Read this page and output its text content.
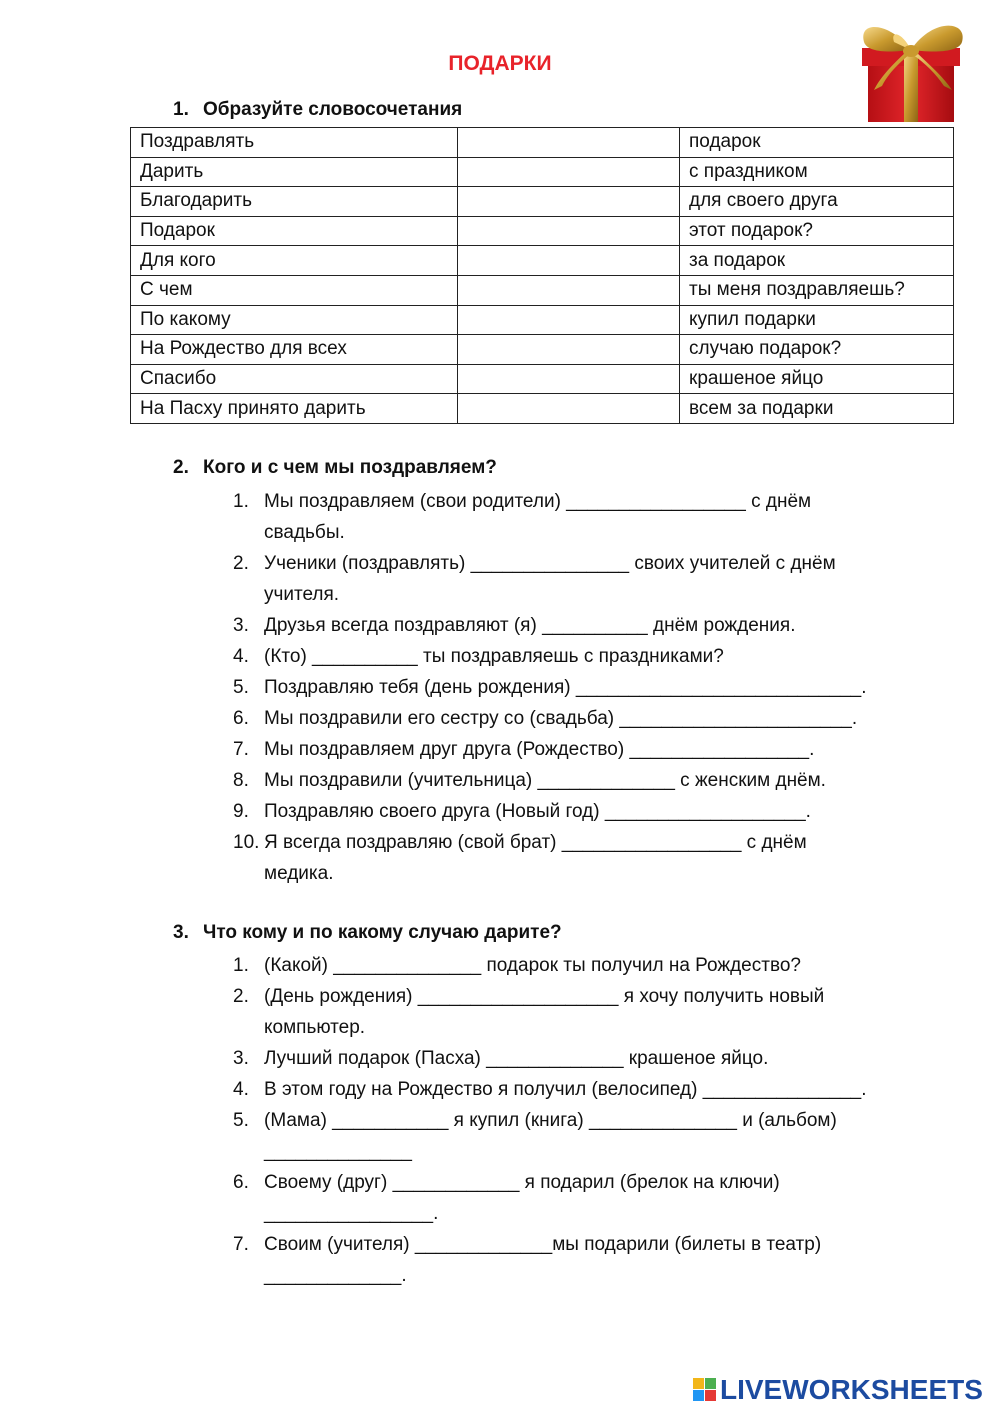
ПОДАРКИ
1. Образуйте словосочетания
Поздравлять		подарок
Дарить		с праздником
Благодарить		для своего друга
Подарок		этот подарок?
Для кого		за подарок
С чем		ты меня поздравляешь?
По какому		купил подарки
На Рождество для всех		случаю подарок?
Спасибо		крашеное яйцо
На Пасху принято дарить		всем за подарки
2. Кого и с чем мы поздравляем?
1. Мы поздравляем (свои родители) _________________ с днём
свадьбы.
2. Ученики (поздравлять) _______________ своих учителей с днём
учителя.
3. Друзья всегда поздравляют (я) __________ днём рождения.
4. (Кто) __________ ты поздравляешь с праздниками?
5. Поздравляю тебя (день рождения) ___________________________.
6. Мы поздравили его сестру со (свадьба) ______________________.
7. Мы поздравляем друг друга (Рождество) _________________.
8. Мы поздравили (учительница) _____________ с женским днём.
9. Поздравляю своего друга (Новый год) ___________________.
10. Я всегда поздравляю (свой брат) _________________ с днём
медика.
3. Что кому и по какому случаю дарите?
1. (Какой) ______________ подарок ты получил на Рождество?
2. (День рождения) ___________________ я хочу получить новый
компьютер.
3. Лучший подарок (Пасха) _____________ крашеное яйцо.
4. В этом году на Рождество я получил (велосипед) _______________.
5. (Мама) ___________ я купил (книга) ______________ и (альбом)
______________
6. Своему (друг) ____________ я подарил (брелок на ключи)
________________.
7. Своим (учителя) _____________мы подарили (билеты в театр)
_____________.
LIVEWORKSHEETS
